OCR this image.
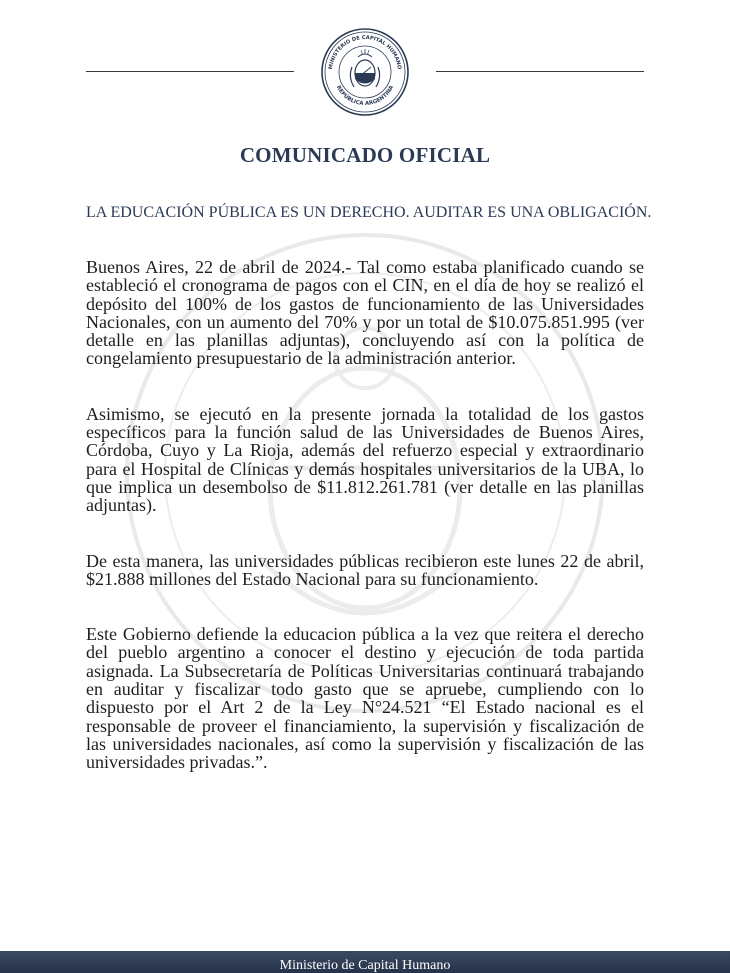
MINISTERIO DE CAPITAL HUMANO
REPÚBLICA ARGENTINA
COMUNICADO OFICIAL
LA EDUCACIÓN PÚBLICA ES UN DERECHO. AUDITAR ES UNA OBLIGACIÓN.

Buenos Aires, 22 de abril de 2024.- Tal como estaba planificado cuando se estableció el cronograma de pagos con el CIN, en el día de hoy se realizó el depósito del 100% de los gastos de funcionamiento de las Universidades Nacionales, con un aumento del 70% y por un total de $10.075.851.995 (ver detalle en las planillas adjuntas), concluyendo así con la política de congelamiento presupuestario de la administración anterior.

Asimismo, se ejecutó en la presente jornada la totalidad de los gastos específicos para la función salud de las Universidades de Buenos Aires, Córdoba, Cuyo y La Rioja, además del refuerzo especial y extraordinario para el Hospital de Clínicas y demás hospitales universitarios de la UBA, lo que implica un desembolso de $11.812.261.781 (ver detalle en las planillas adjuntas).

De esta manera, las universidades públicas recibieron este lunes 22 de abril, $21.888 millones del Estado Nacional para su funcionamiento.

Este Gobierno defiende la educacion pública a la vez que reitera el derecho del pueblo argentino a conocer el destino y ejecución de toda partida asignada. La Subsecretaría de Políticas Universitarias continuará trabajando en auditar y fiscalizar todo gasto que se apruebe, cumpliendo con lo dispuesto por el Art 2 de la Ley N°24.521 “El Estado nacional es el responsable de proveer el financiamiento, la supervisión y fiscalización de las universidades nacionales, así como la supervisión y fiscalización de las universidades privadas.”.

Ministerio de Capital Humano
